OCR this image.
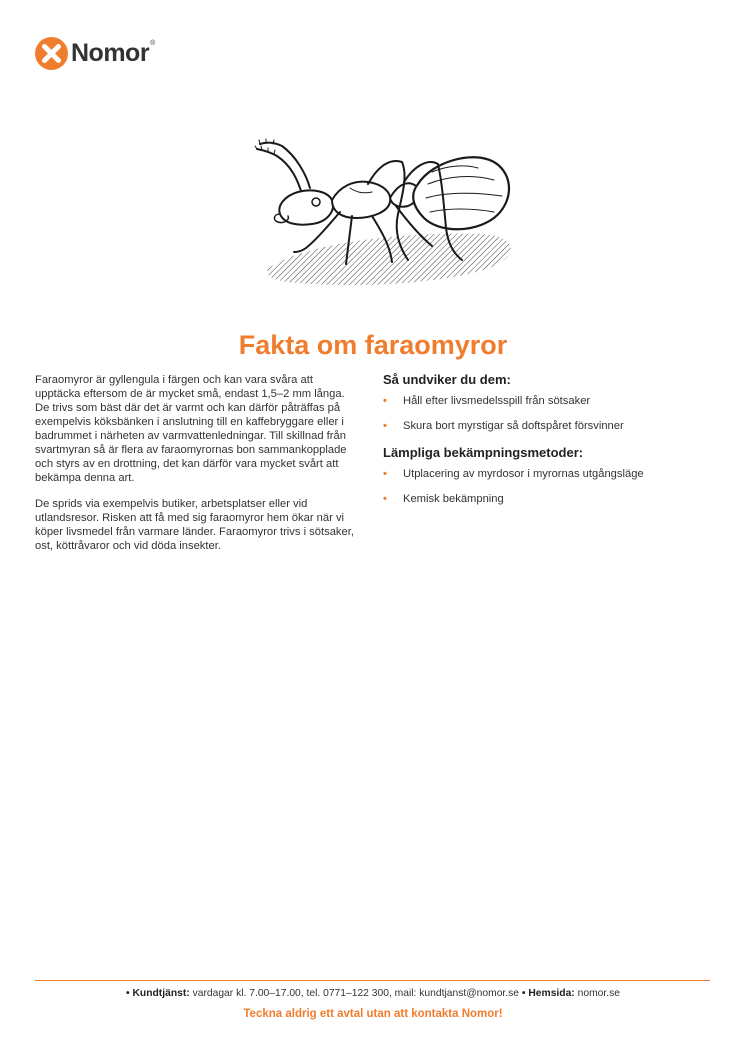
Nomor ®
Fakta om faraomyror

Faraomyror är gyllengula i färgen och kan vara svåra att upptäcka eftersom de är mycket små, endast 1,5–2 mm långa. De trivs som bäst där det är varmt och kan därför påträffas på exempelvis köksbänken i anslutning till en kaffebryggare eller i badrummet i närheten av varmvattenledningar. Till skillnad från svartmyran så är flera av faraomyrornas bon sammankopplade och styrs av en drottning, det kan därför vara mycket svårt att bekämpa denna art.

De sprids via exempelvis butiker, arbetsplatser eller vid utlandsresor. Risken att få med sig faraomyror hem ökar när vi köper livsmedel från varmare länder. Faraomyror trivs i sötsaker, ost, köttråvaror och vid döda insekter.

Så undviker du dem:
• Håll efter livsmedelsspill från sötsaker
• Skura bort myrstigar så doftspåret försvinner
Lämpliga bekämpningsmetoder:
• Utplacering av myrdosor i myrornas utgångsläge
• Kemisk bekämpning
• Kundtjänst: vardagar kl. 7.00–17.00, tel. 0771–122 300, mail: kundtjanst@nomor.se • Hemsida: nomor.se
Teckna aldrig ett avtal utan att kontakta Nomor!
